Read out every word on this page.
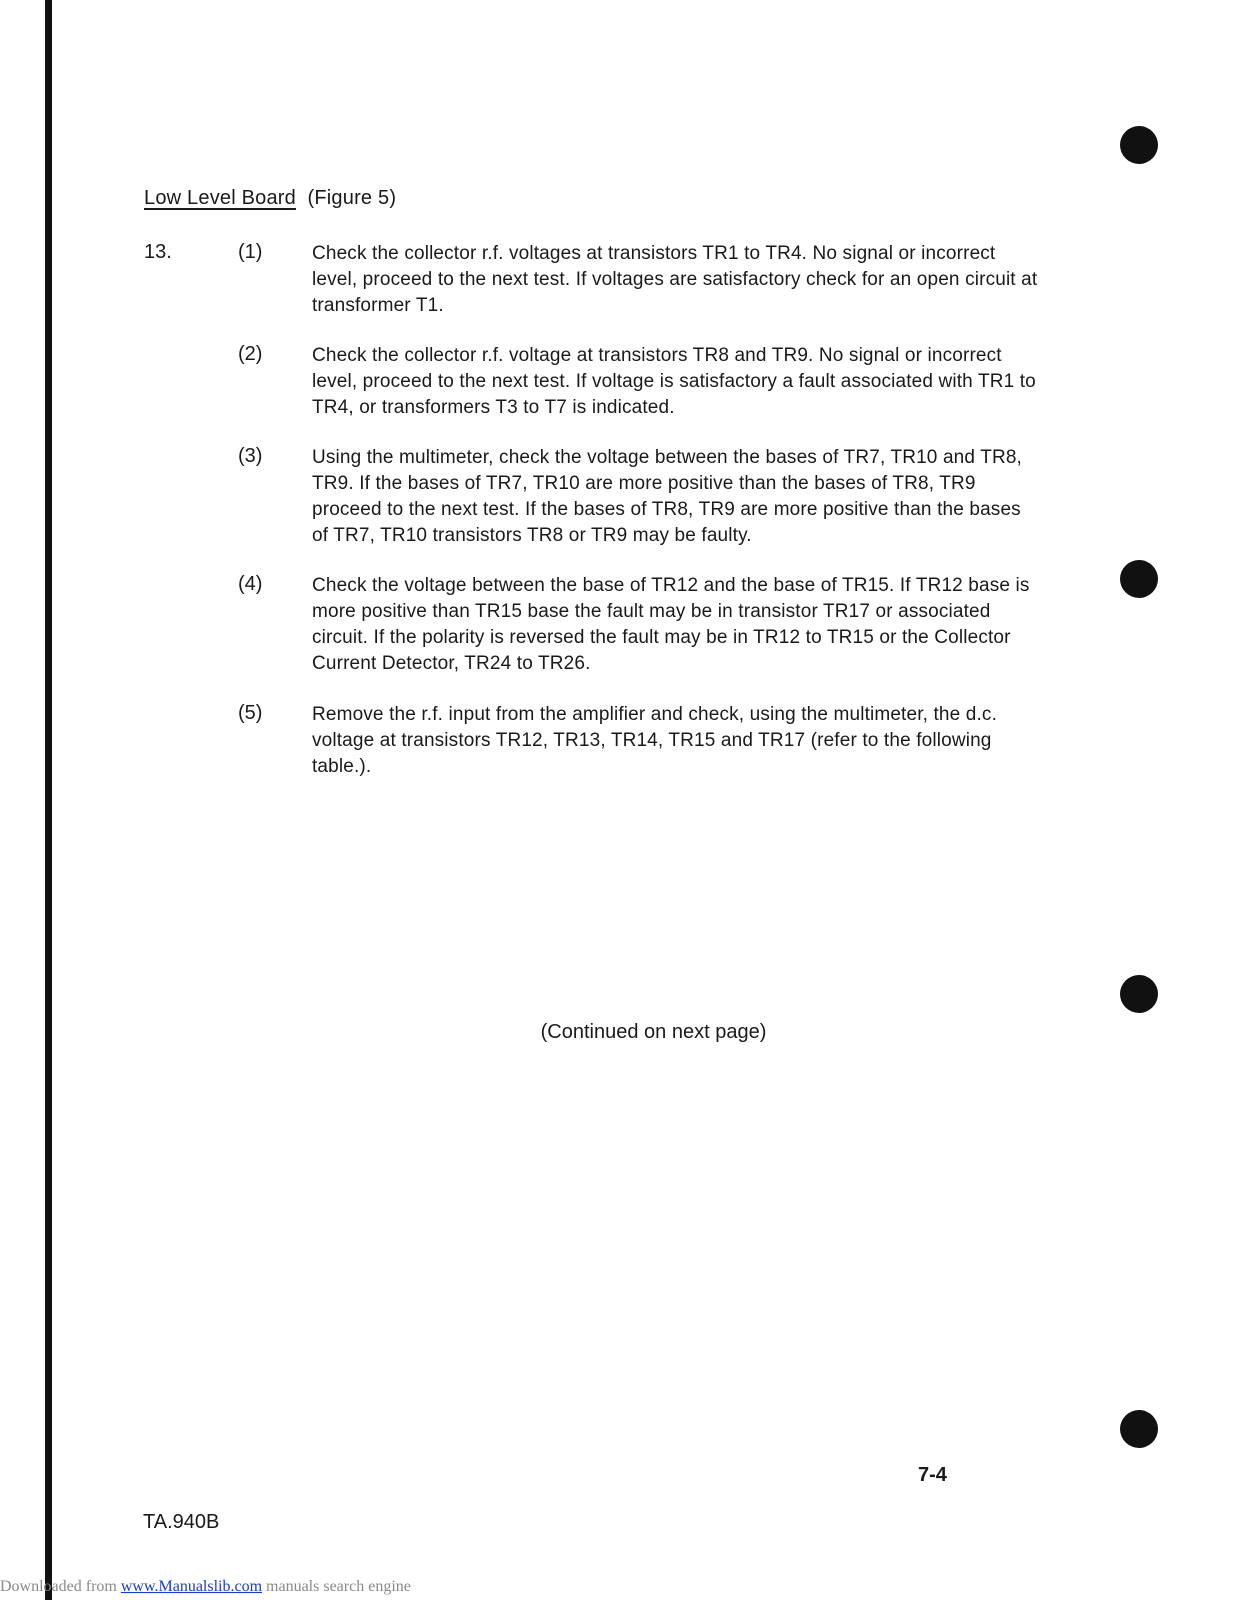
Low Level Board (Figure 5)
13.	(1)	Check the collector r.f. voltages at transistors TR1 to TR4. No signal or incorrect level, proceed to the next test. If voltages are satisfactory check for an open circuit at transformer T1.
(2)	Check the collector r.f. voltage at transistors TR8 and TR9. No signal or incorrect level, proceed to the next test. If voltage is satisfactory a fault associated with TR1 to TR4, or transformers T3 to T7 is indicated.
(3)	Using the multimeter, check the voltage between the bases of TR7, TR10 and TR8, TR9. If the bases of TR7, TR10 are more positive than the bases of TR8, TR9 proceed to the next test. If the bases of TR8, TR9 are more positive than the bases of TR7, TR10 transistors TR8 or TR9 may be faulty.
(4)	Check the voltage between the base of TR12 and the base of TR15. If TR12 base is more positive than TR15 base the fault may be in transistor TR17 or associated circuit. If the polarity is reversed the fault may be in TR12 to TR15 or the Collector Current Detector, TR24 to TR26.
(5)	Remove the r.f. input from the amplifier and check, using the multimeter, the d.c. voltage at transistors TR12, TR13, TR14, TR15 and TR17 (refer to the following table.).
(Continued on next page)
7-4
TA.940B
Downloaded from www.Manualslib.com manuals search engine
